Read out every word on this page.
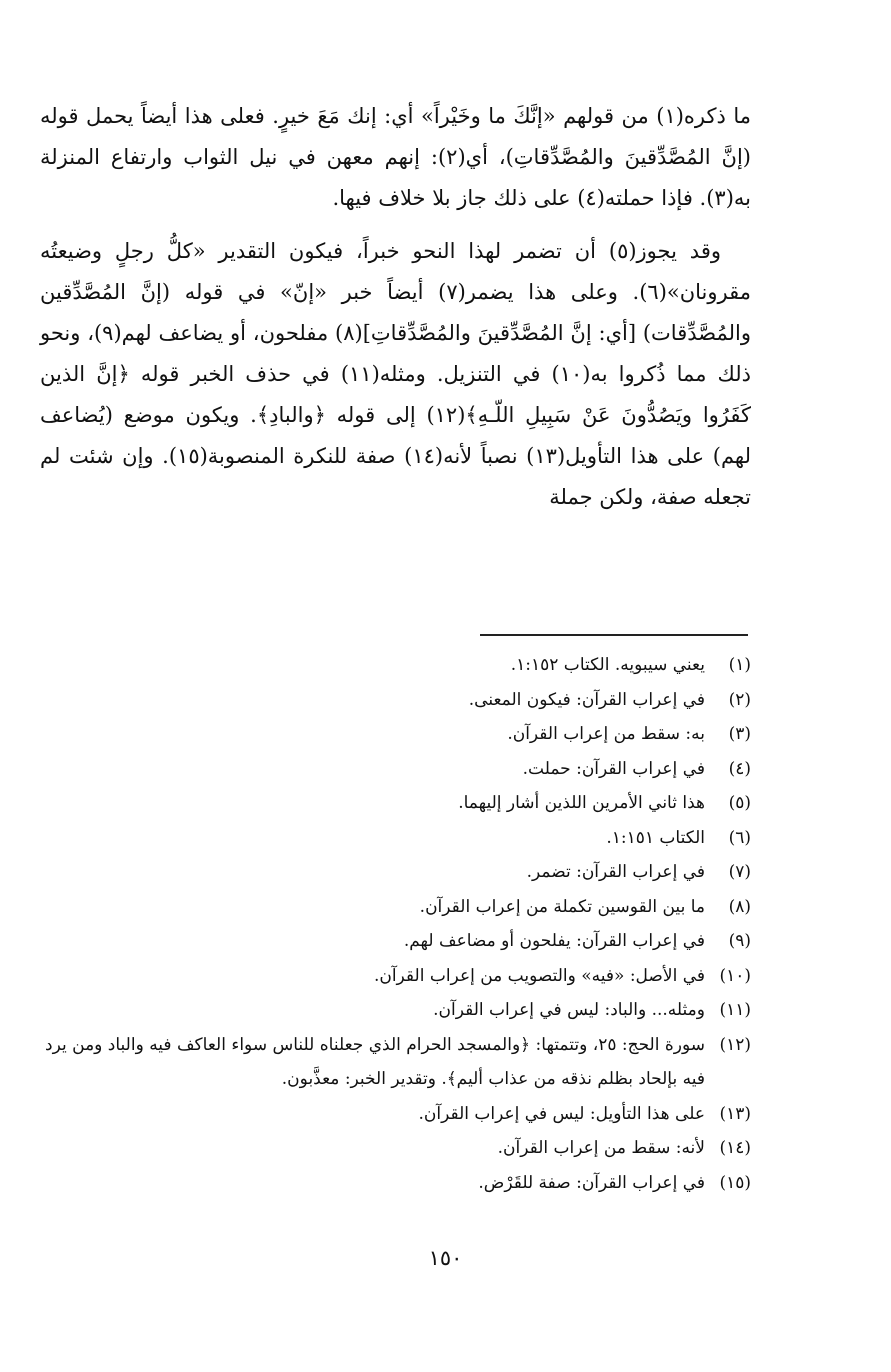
ما ذكره(١) من قولهم «إنَّكَ ما وخَيْراً» أي: إنك مَعَ خيرٍ. فعلى هذا أيضاً يحمل قوله (إنَّ المُصَّدِّقينَ والمُصَّدِّقاتِ)، أي(٢): إنهم معهن في نيل الثواب وارتفاع المنزلة به(٣). فإذا حملته(٤) على ذلك جاز بلا خلاف فيها.

وقد يجوز(٥) أن تضمر لهذا النحو خبراً، فيكون التقدير «كلُّ رجلٍ وضيعتُه مقرونان»(٦). وعلى هذا يضمر(٧) أيضاً خبر «إنّ» في قوله (إنَّ المُصَّدِّقين والمُصَّدِّقات) [أي: إنَّ المُصَّدِّقينَ والمُصَّدِّقاتِ](٨) مفلحون، أو يضاعف لهم(٩)، ونحو ذلك مما ذُكروا به(١٠) في التنزيل. ومثله(١١) في حذف الخبر قوله ﴿إنَّ الذين كَفَرُوا ويَصُدُّونَ عَنْ سَبِيلِ اللّـهِ﴾(١٢) إلى قوله ﴿والبادِ﴾. ويكون موضع (يُضاعف لهم) على هذا التأويل(١٣) نصباً لأنه(١٤) صفة للنكرة المنصوبة(١٥). وإن شئت لم تجعله صفة، ولكن جملة

(١)
يعني سيبويه. الكتاب ١:١٥٢.
(٢)
في إعراب القرآن: فيكون المعنى.
(٣)
به: سقط من إعراب القرآن.
(٤)
في إعراب القرآن: حملت.
(٥)
هذا ثاني الأمرين اللذين أشار إليهما.
(٦)
الكتاب ١:١٥١.
(٧)
في إعراب القرآن: تضمر.
(٨)
ما بين القوسين تكملة من إعراب القرآن.
(٩)
في إعراب القرآن: يفلحون أو مضاعف لهم.
(١٠)
في الأصل: «فيه» والتصويب من إعراب القرآن.
(١١)
ومثله... والباد: ليس في إعراب القرآن.
(١٢)
سورة الحج: ٢٥، وتتمتها: ﴿والمسجد الحرام الذي جعلناه للناس سواء العاكف فيه والباد ومن يرد فيه بإلحاد بظلم نذقه من عذاب أليم﴾. وتقدير الخبر: معذَّبون.
(١٣)
على هذا التأويل: ليس في إعراب القرآن.
(١٤)
لأنه: سقط من إعراب القرآن.
(١٥)
في إعراب القرآن: صفة للقَرْض.
١٥٠
